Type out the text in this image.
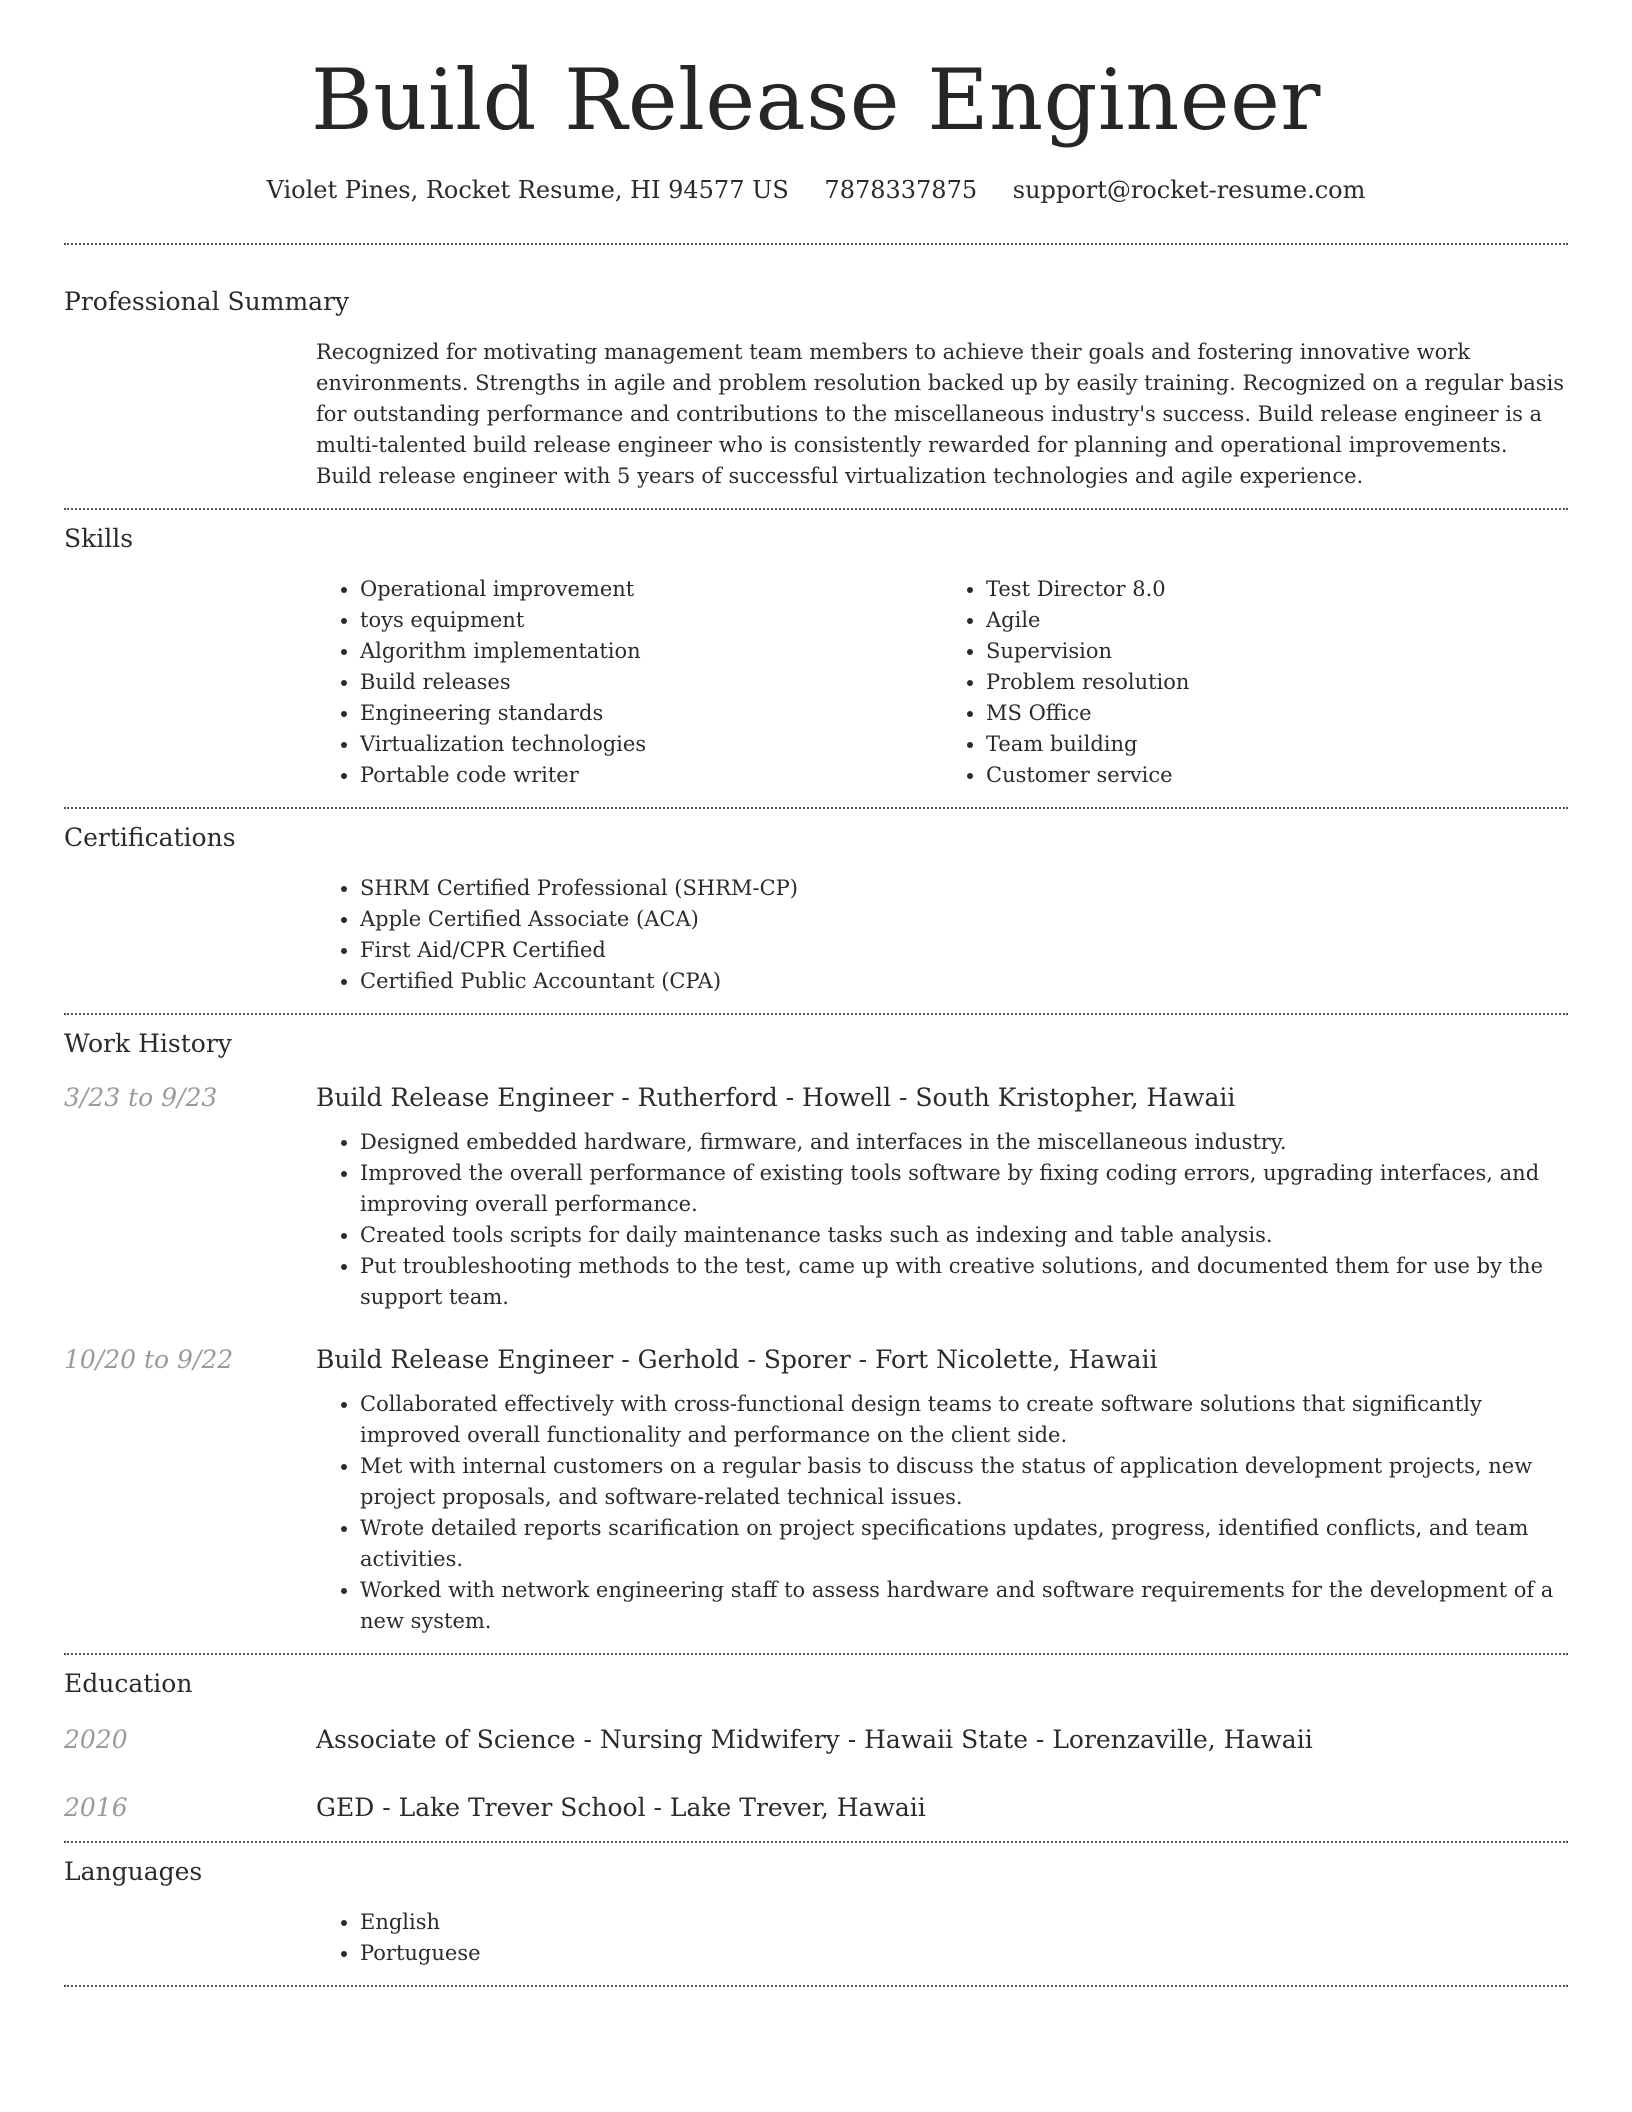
Build Release Engineer
Violet Pines, Rocket Resume, HI 94577 US 7878337875 support@rocket-resume.com
Professional Summary

Recognized for motivating management team members to achieve their goals and fostering innovative work environments. Strengths in agile and problem resolution backed up by easily training. Recognized on a regular basis for outstanding performance and contributions to the miscellaneous industry's success. Build release engineer is a multi-talented build release engineer who is consistently rewarded for planning and operational improvements. Build release engineer with 5 years of successful virtualization technologies and agile experience.

Skills
• Operational improvement
• toys equipment
• Algorithm implementation
• Build releases
• Engineering standards
• Virtualization technologies
• Portable code writer
• Test Director 8.0
• Agile
• Supervision
• Problem resolution
• MS Office
• Team building
• Customer service
Certifications
• SHRM Certified Professional (SHRM-CP)
• Apple Certified Associate (ACA)
• First Aid/CPR Certified
• Certified Public Accountant (CPA)
Work History
3/23 to 9/23	Build Release Engineer - Rutherford - Howell - South Kristopher, Hawaii
• Designed embedded hardware, firmware, and interfaces in the miscellaneous industry.
• Improved the overall performance of existing tools software by fixing coding errors, upgrading interfaces, and improving overall performance.
• Created tools scripts for daily maintenance tasks such as indexing and table analysis.
• Put troubleshooting methods to the test, came up with creative solutions, and documented them for use by the support team.
10/20 to 9/22	Build Release Engineer - Gerhold - Sporer - Fort Nicolette, Hawaii
• Collaborated effectively with cross-functional design teams to create software solutions that significantly improved overall functionality and performance on the client side.
• Met with internal customers on a regular basis to discuss the status of application development projects, new project proposals, and software-related technical issues.
• Wrote detailed reports scarification on project specifications updates, progress, identified conflicts, and team activities.
• Worked with network engineering staff to assess hardware and software requirements for the development of a new system.
Education
2020	Associate of Science - Nursing Midwifery - Hawaii State - Lorenzaville, Hawaii
2016	GED - Lake Trever School - Lake Trever, Hawaii
Languages
• English
• Portuguese
